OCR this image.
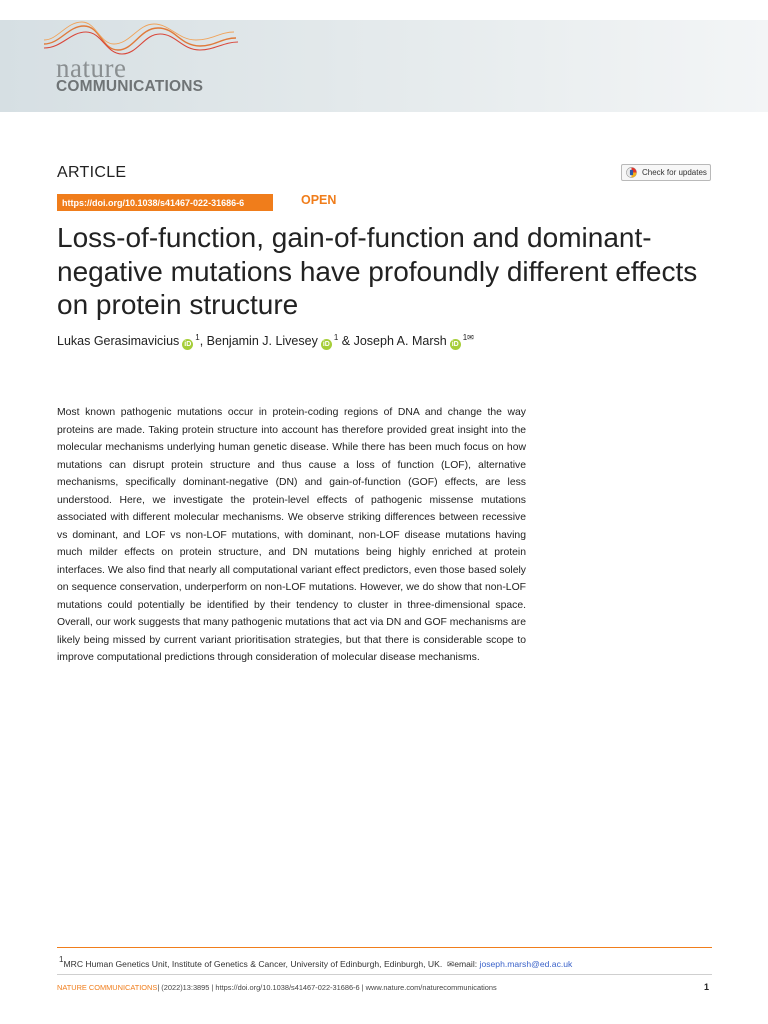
nature
COMMUNICATIONS
ARTICLE	Check for updates
https://doi.org/10.1038/s41467-022-31686-6	OPEN
Loss-of-function, gain-of-function and dominant-negative mutations have profoundly different effects on protein structure
Lukas Gerasimavicius iD$^1$, Benjamin J. Livesey iD$^1$ & Joseph A. Marsh iD$^{1✉}$

Most known pathogenic mutations occur in protein-coding regions of DNA and change the way proteins are made. Taking protein structure into account has therefore provided great insight into the molecular mechanisms underlying human genetic disease. While there has been much focus on how mutations can disrupt protein structure and thus cause a loss of function (LOF), alternative mechanisms, specifically dominant-negative (DN) and gain-of-function (GOF) effects, are less understood. Here, we investigate the protein-level effects of pathogenic missense mutations associated with different molecular mechanisms. We observe striking differences between recessive vs dominant, and LOF vs non-LOF mutations, with dominant, non-LOF disease mutations having much milder effects on protein structure, and DN mutations being highly enriched at protein interfaces. We also find that nearly all computational variant effect predictors, even those based solely on sequence conservation, underperform on non-LOF mutations. However, we do show that non-LOF mutations could potentially be identified by their tendency to cluster in three-dimensional space. Overall, our work suggests that many pathogenic mutations that act via DN and GOF mechanisms are likely being missed by current variant prioritisation strategies, but that there is considerable scope to improve computational predictions through consideration of molecular disease mechanisms.

1MRC Human Genetics Unit, Institute of Genetics & Cancer, University of Edinburgh, Edinburgh, UK. ✉email: joseph.marsh@ed.ac.uk
NATURE COMMUNICATIONS| (2022)13:3895 | https://doi.org/10.1038/s41467-022-31686-6 | www.nature.com/naturecommunications	1
